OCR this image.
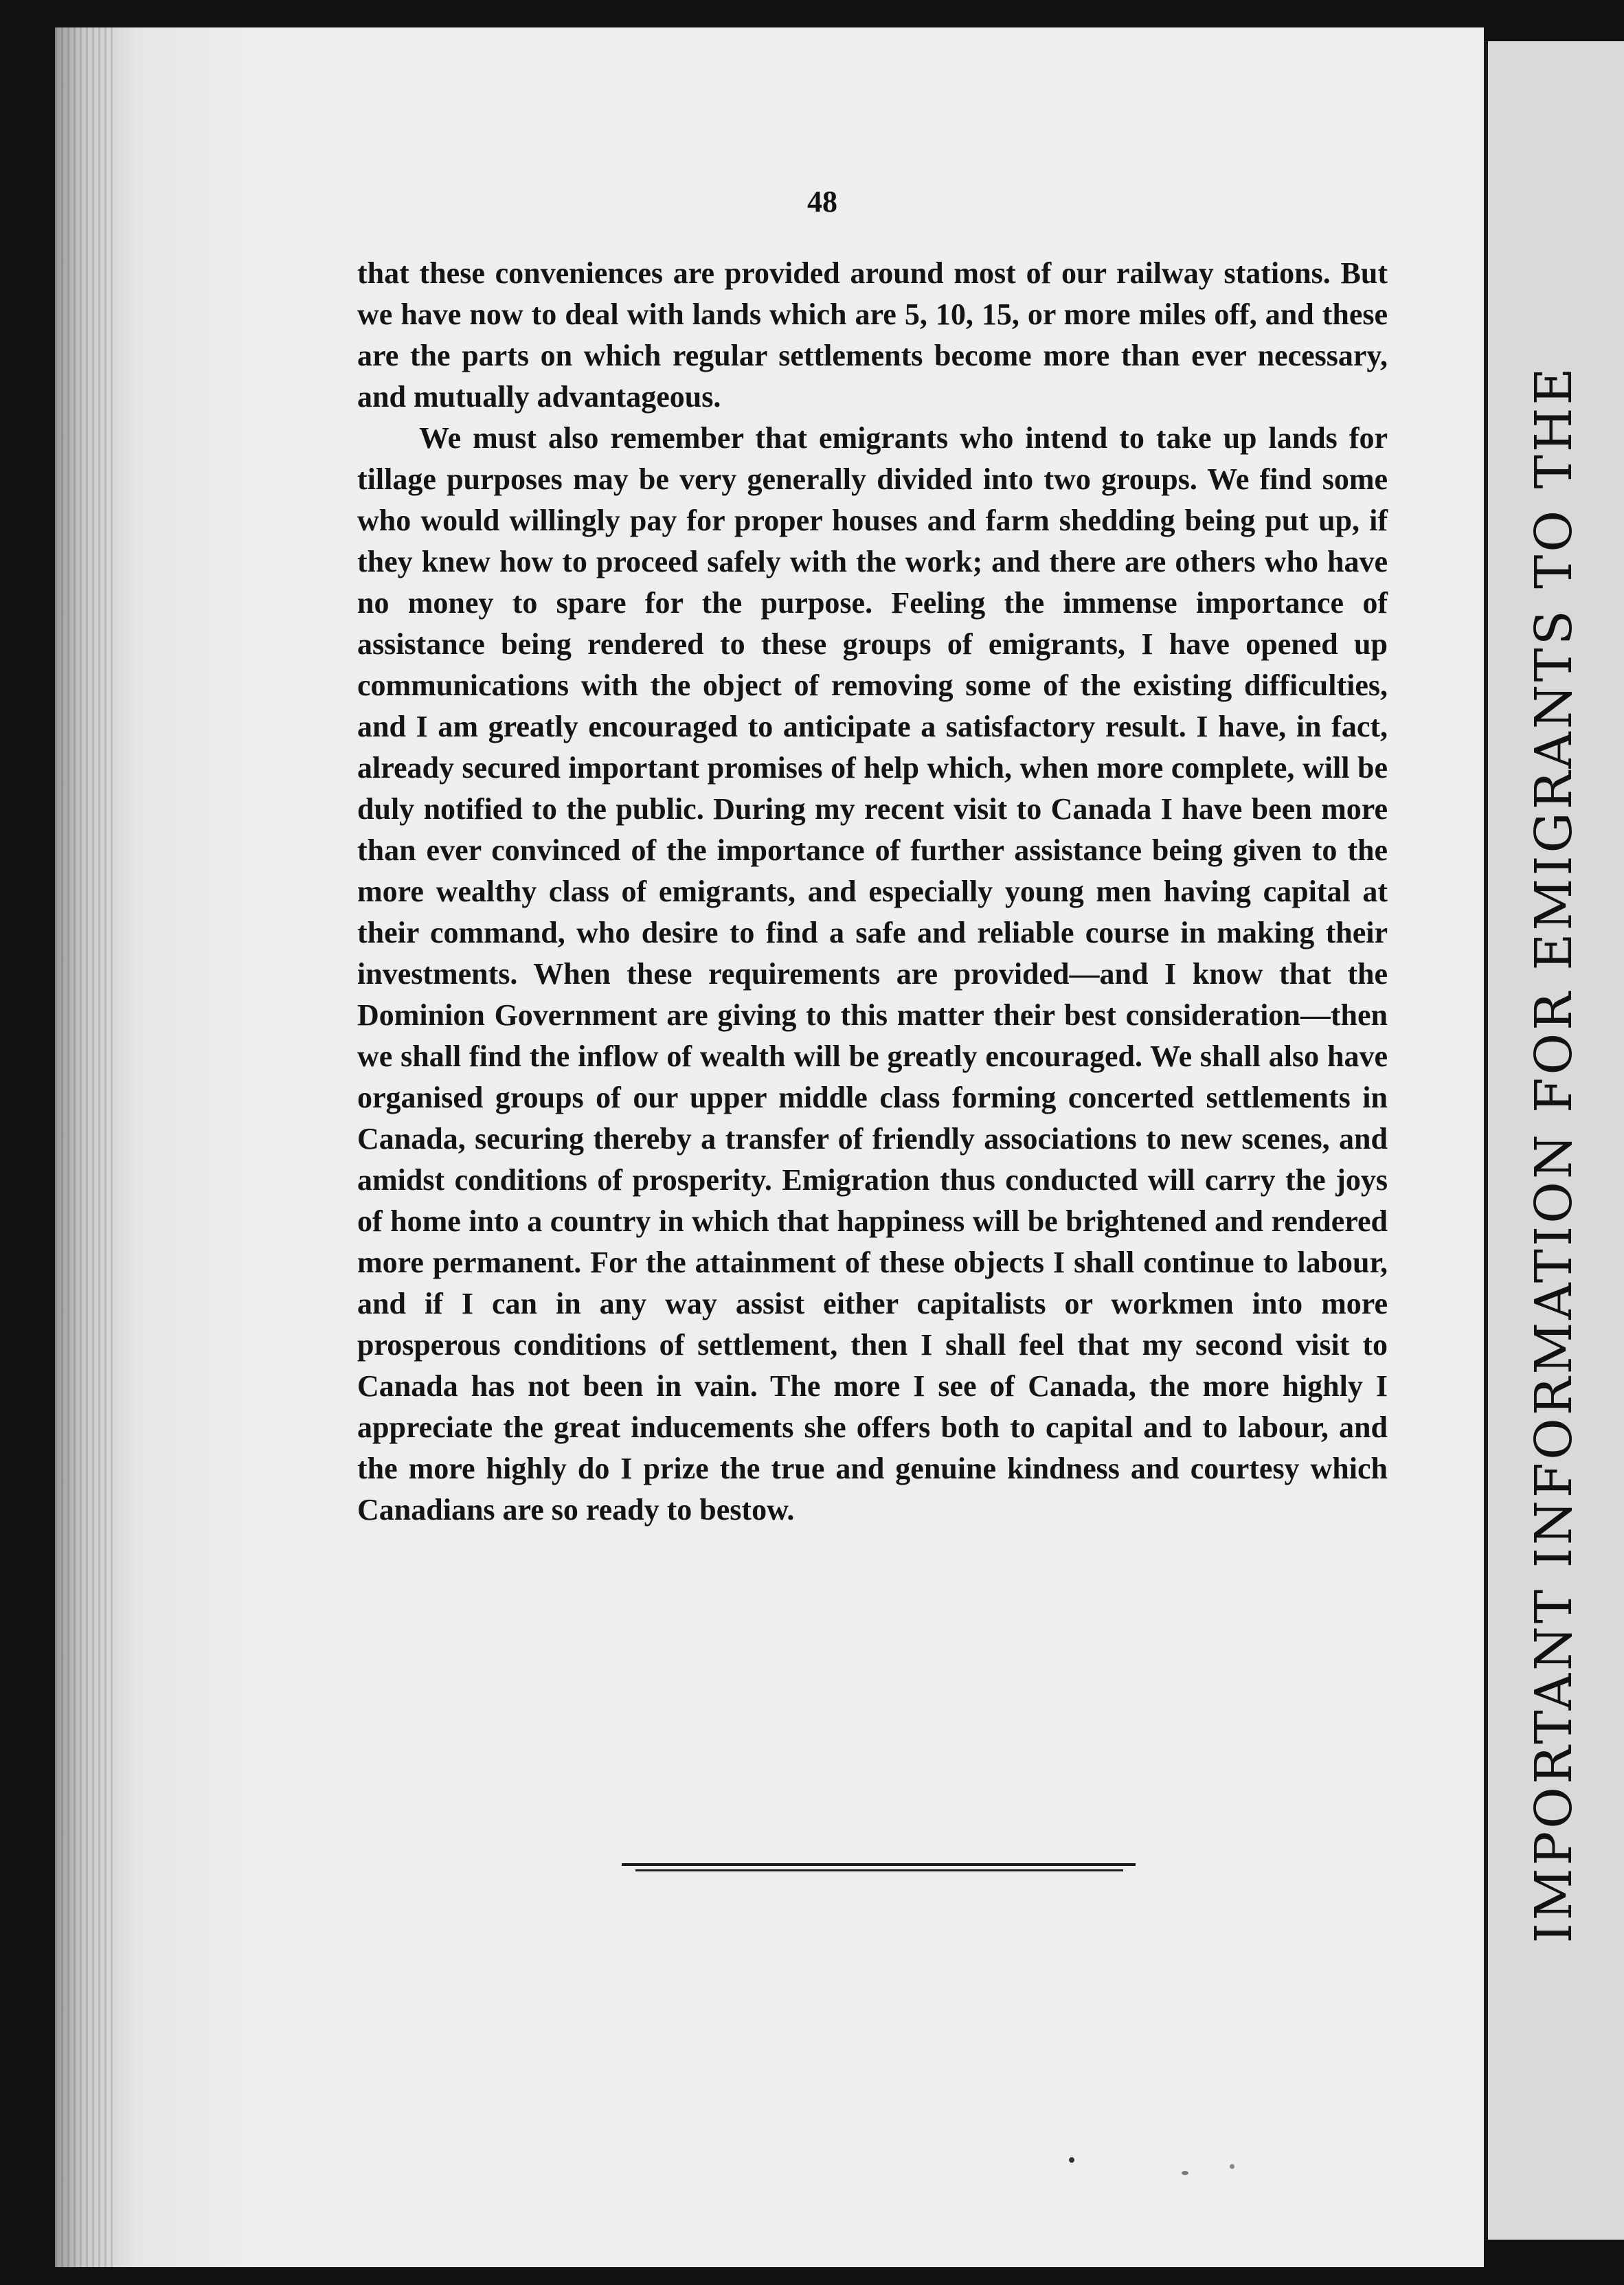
IMPORTANT INFORMATION FOR EMIGRANTS TO THE
48

that these conveniences are provided around most of our railway stations. But we have now to deal with lands which are 5, 10, 15, or more miles off, and these are the parts on which regular settlements become more than ever necessary, and mutually advantageous.

We must also remember that emigrants who intend to take up lands for tillage purposes may be very generally divided into two groups. We find some who would willingly pay for proper houses and farm shedding being put up, if they knew how to proceed safely with the work; and there are others who have no money to spare for the purpose. Feeling the immense importance of assistance being rendered to these groups of emigrants, I have opened up communications with the object of removing some of the existing difficulties, and I am greatly encouraged to anticipate a satisfactory result. I have, in fact, already secured important promises of help which, when more complete, will be duly notified to the public. During my recent visit to Canada I have been more than ever convinced of the importance of further assistance being given to the more wealthy class of emigrants, and especially young men having capital at their command, who desire to find a safe and reliable course in making their investments. When these requirements are provided—and I know that the Dominion Government are giving to this matter their best consideration—then we shall find the inflow of wealth will be greatly encouraged. We shall also have organised groups of our upper middle class forming concerted settlements in Canada, securing thereby a transfer of friendly associations to new scenes, and amidst conditions of prosperity. Emigration thus conducted will carry the joys of home into a country in which that happiness will be brightened and rendered more permanent. For the attainment of these objects I shall continue to labour, and if I can in any way assist either capitalists or workmen into more prosperous conditions of settlement, then I shall feel that my second visit to Canada has not been in vain. The more I see of Canada, the more highly I appreciate the great inducements she offers both to capital and to labour, and the more highly do I prize the true and genuine kindness and courtesy which Canadians are so ready to bestow.
